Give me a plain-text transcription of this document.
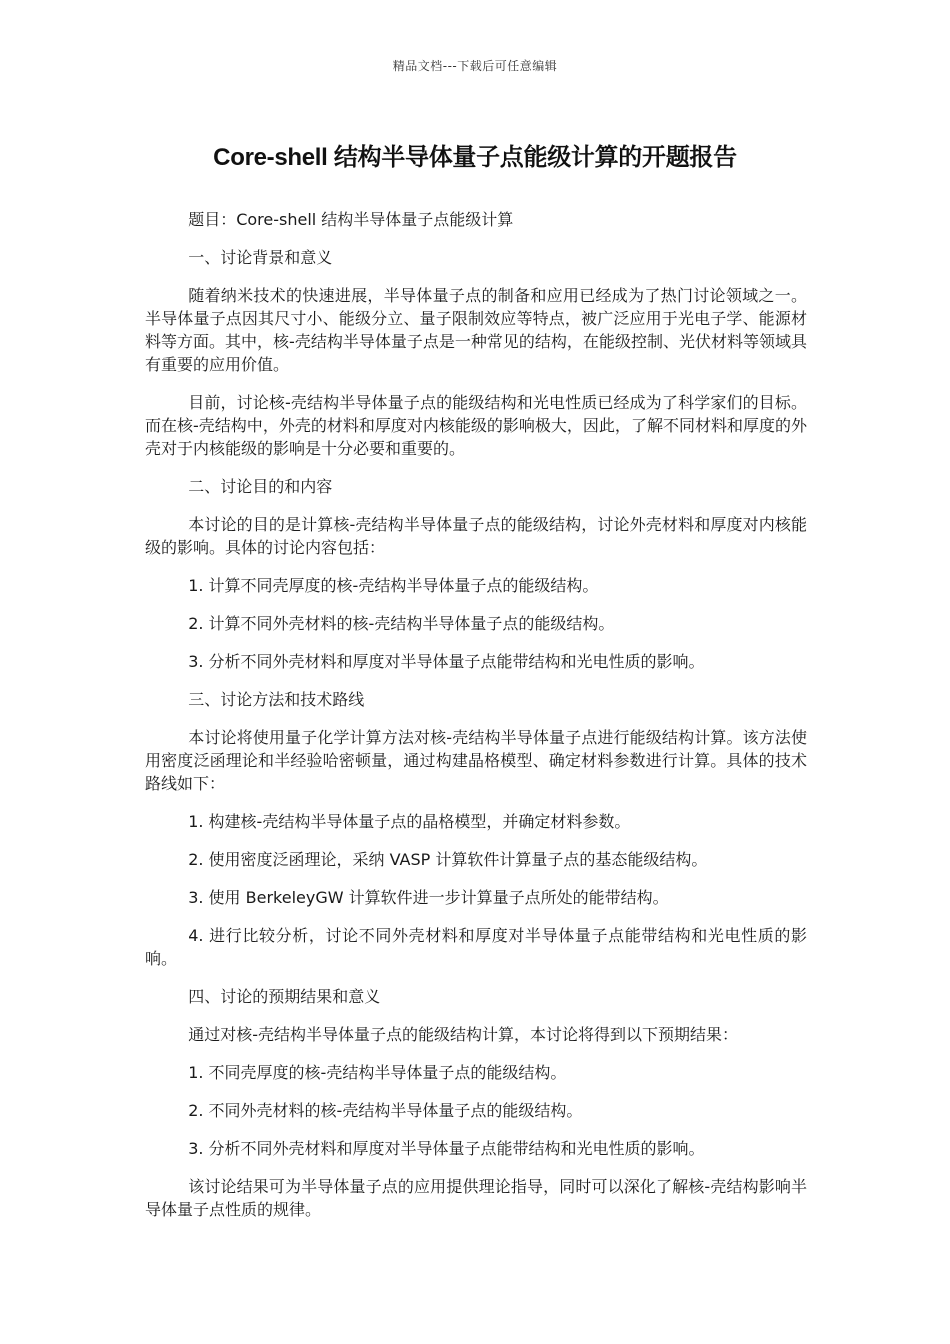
精品文档---下载后可任意编辑
Core-shell 结构半导体量子点能级计算的开题报告

题目：Core-shell 结构半导体量子点能级计算

一、讨论背景和意义

随着纳米技术的快速进展，半导体量子点的制备和应用已经成为了热门讨论领域之一。半导体量子点因其尺寸小、能级分立、量子限制效应等特点，被广泛应用于光电子学、能源材料等方面。其中，核-壳结构半导体量子点是一种常见的结构，在能级控制、光伏材料等领域具有重要的应用价值。

目前，讨论核-壳结构半导体量子点的能级结构和光电性质已经成为了科学家们的目标。而在核-壳结构中，外壳的材料和厚度对内核能级的影响极大，因此，了解不同材料和厚度的外壳对于内核能级的影响是十分必要和重要的。

二、讨论目的和内容

本讨论的目的是计算核-壳结构半导体量子点的能级结构，讨论外壳材料和厚度对内核能级的影响。具体的讨论内容包括：

1. 计算不同壳厚度的核-壳结构半导体量子点的能级结构。

2. 计算不同外壳材料的核-壳结构半导体量子点的能级结构。

3. 分析不同外壳材料和厚度对半导体量子点能带结构和光电性质的影响。

三、讨论方法和技术路线

本讨论将使用量子化学计算方法对核-壳结构半导体量子点进行能级结构计算。该方法使用密度泛函理论和半经验哈密顿量，通过构建晶格模型、确定材料参数进行计算。具体的技术路线如下：

1. 构建核-壳结构半导体量子点的晶格模型，并确定材料参数。

2. 使用密度泛函理论，采纳 VASP 计算软件计算量子点的基态能级结构。

3. 使用 BerkeleyGW 计算软件进一步计算量子点所处的能带结构。

4. 进行比较分析，讨论不同外壳材料和厚度对半导体量子点能带结构和光电性质的影响。

四、讨论的预期结果和意义

通过对核-壳结构半导体量子点的能级结构计算，本讨论将得到以下预期结果：

1. 不同壳厚度的核-壳结构半导体量子点的能级结构。

2. 不同外壳材料的核-壳结构半导体量子点的能级结构。

3. 分析不同外壳材料和厚度对半导体量子点能带结构和光电性质的影响。

该讨论结果可为半导体量子点的应用提供理论指导，同时可以深化了解核-壳结构影响半导体量子点性质的规律。
